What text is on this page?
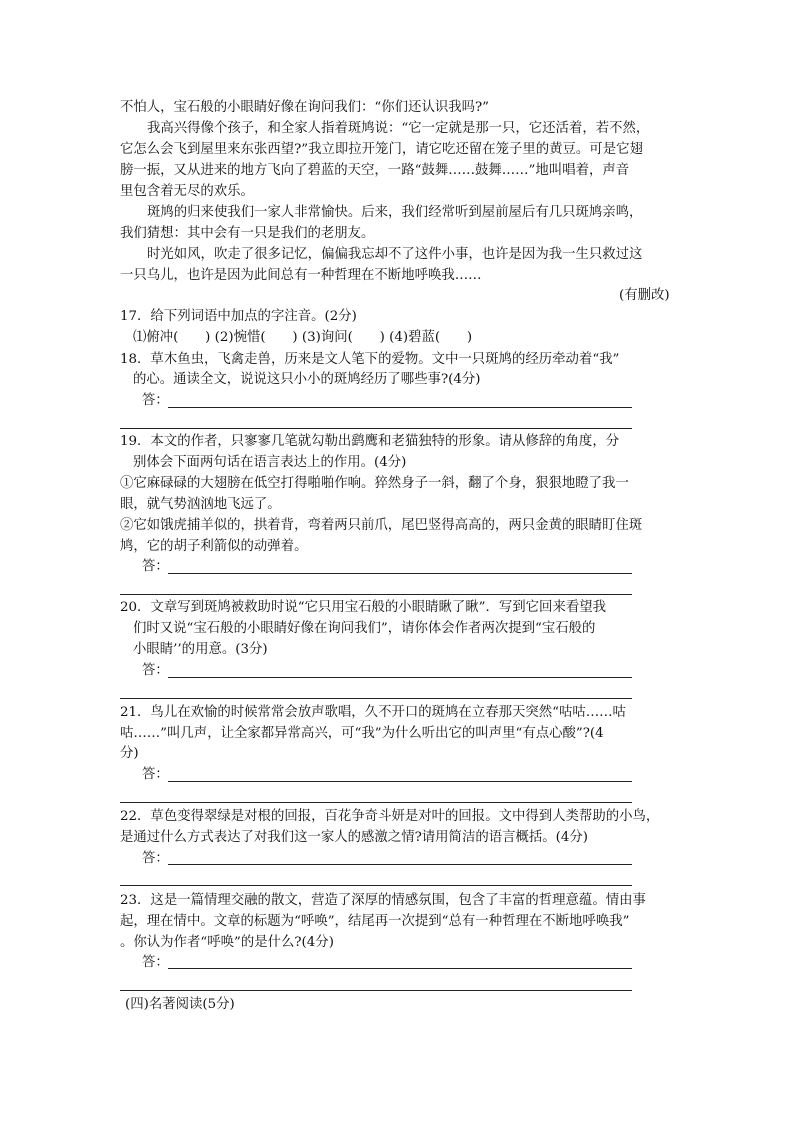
不怕人，宝石般的小眼睛好像在询问我们：“你们还认识我吗?”
我高兴得像个孩子，和全家人指着斑鸠说：“它一定就是那一只，它还活着，若不然，
它怎么会飞到屋里来东张西望?”我立即拉开笼门，请它吃还留在笼子里的黄豆。可是它翅
膀一振，又从进来的地方飞向了碧蓝的天空，一路“鼓舞……鼓舞……”地叫唱着，声音
里包含着无尽的欢乐。
斑鸠的归来使我们一家人非常愉快。后来，我们经常听到屋前屋后有几只斑鸠亲鸣，
我们猜想：其中会有一只是我们的老朋友。
时光如风，吹走了很多记忆，偏偏我忘却不了这件小事，也许是因为我一生只救过这
一只乌儿，也许是因为此间总有一种哲理在不断地呼唤我……
(有删改)
17．给下列词语中加点的字注音。(2分)
⑴俯冲(　　) (2)惋惜(　　) (3)询问(　　) (4)碧蓝(　　)
18．草木鱼虫，飞禽走兽，历来是文人笔下的爱物。文中一只斑鸠的经历牵动着“我”
的心。通读全文，说说这只小小的斑鸠经历了哪些事?(4分)
答：
19．本文的作者，只寥寥几笔就勾勒出鹞鹰和老猫独特的形象。请从修辞的角度，分
别体会下面两句话在语言表达上的作用。(4分)
①它麻碌碌的大翅膀在低空打得啪啪作响。猝然身子一斜，翻了个身，狠狠地瞪了我一
眼，就气势汹汹地飞远了。
②它如饿虎捕羊似的，拱着背，弯着两只前爪，尾巴竖得高高的，两只金黄的眼睛盯住斑
鸠，它的胡子利箭似的动弹着。
答：
20．文章写到斑鸠被救助时说“它只用宝石般的小眼睛瞅了瞅”．写到它回来看望我
们时又说“宝石般的小眼睛好像在询问我们”，请你体会作者两次提到“宝石般的
小眼睛’’的用意。(3分)
答：
21．鸟儿在欢愉的时候常常会放声歌唱，久不开口的斑鸠在立春那天突然“咕咕……咕
咕……”叫几声，让全家都异常高兴，可“我”为什么听出它的叫声里“有点心酸”?(4
分)
答：
22．草色变得翠绿是对根的回报，百花争奇斗妍是对叶的回报。文中得到人类帮助的小鸟，
是通过什么方式表达了对我们这一家人的感激之情?请用简洁的语言概括。(4分)
答：
23．这是一篇情理交融的散文，营造了深厚的情感氛围，包含了丰富的哲理意蕴。情由事
起，理在情中。文章的标题为“呼唤”，结尾再一次提到“总有一种哲理在不断地呼唤我”
。你认为作者“呼唤”的是什么?(4分)
答：
(四)名著阅读(5分)
